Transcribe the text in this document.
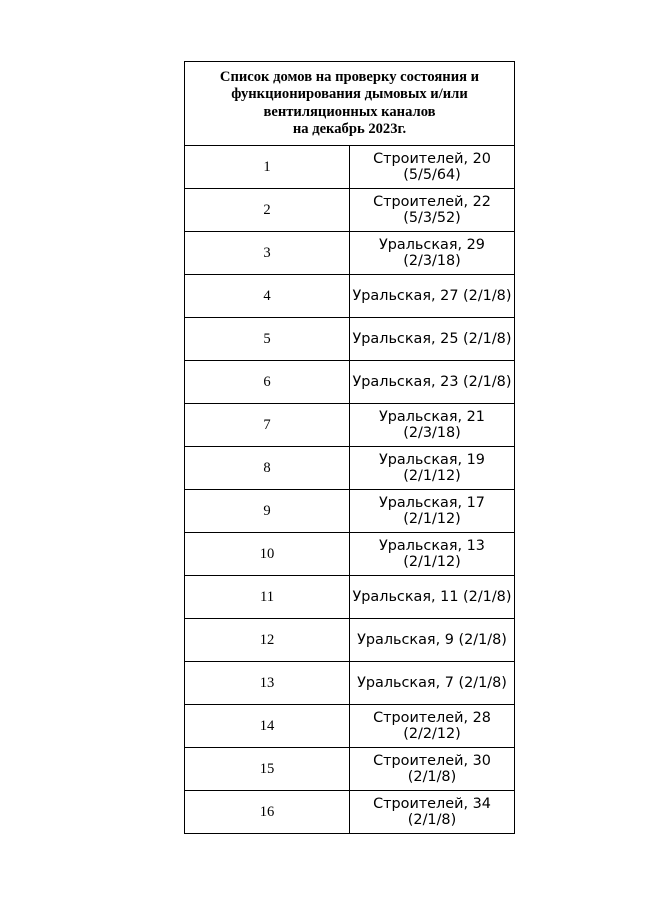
Список домов на проверку состояния и
функционирования дымовых и/или
вентиляционных каналов
на декабрь 2023г.	

1	Строителей, 20 (5/5/64)
2	Строителей, 22 (5/3/52)
3	Уральская, 29 (2/3/18)
4	Уральская, 27 (2/1/8)
5	Уральская, 25 (2/1/8)
6	Уральская, 23 (2/1/8)
7	Уральская, 21 (2/3/18)
8	Уральская, 19 (2/1/12)
9	Уральская, 17 (2/1/12)
10	Уральская, 13 (2/1/12)
11	Уральская, 11 (2/1/8)
12	Уральская, 9 (2/1/8)
13	Уральская, 7 (2/1/8)
14	Строителей, 28 (2/2/12)
15	Строителей, 30 (2/1/8)
16	Строителей, 34 (2/1/8)
